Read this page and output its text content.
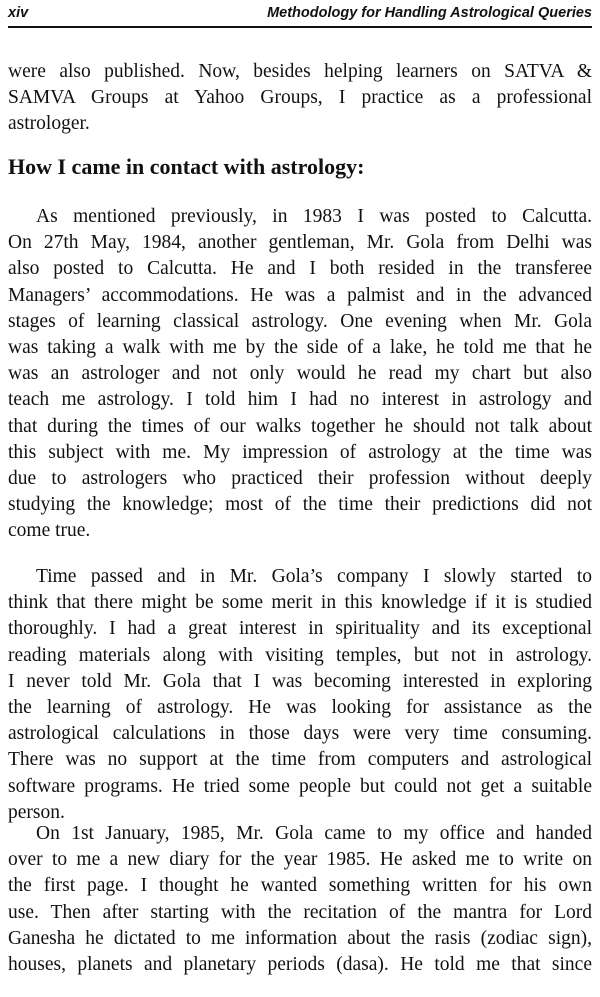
xiv	Methodology for Handling Astrological Queries
were also published. Now, besides helping learners on SATVA &
SAMVA Groups at Yahoo Groups, I practice as a professional
astrologer.
How I came in contact with astrology:
As mentioned previously, in 1983 I was posted to Calcutta.
On 27th May, 1984, another gentleman, Mr. Gola from Delhi was
also posted to Calcutta. He and I both resided in the transferee
Managers’ accommodations. He was a palmist and in the advanced
stages of learning classical astrology. One evening when Mr. Gola
was taking a walk with me by the side of a lake, he told me that he
was an astrologer and not only would he read my chart but also
teach me astrology. I told him I had no interest in astrology and
that during the times of our walks together he should not talk about
this subject with me. My impression of astrology at the time was
due to astrologers who practiced their profession without deeply
studying the knowledge; most of the time their predictions did not
come true.
Time passed and in Mr. Gola’s company I slowly started to
think that there might be some merit in this knowledge if it is studied
thoroughly. I had a great interest in spirituality and its exceptional
reading materials along with visiting temples, but not in astrology.
I never told Mr. Gola that I was becoming interested in exploring
the learning of astrology. He was looking for assistance as the
astrological calculations in those days were very time consuming.
There was no support at the time from computers and astrological
software programs. He tried some people but could not get a suitable
person.
On 1st January, 1985, Mr. Gola came to my office and handed
over to me a new diary for the year 1985. He asked me to write on
the first page. I thought he wanted something written for his own
use. Then after starting with the recitation of the mantra for Lord
Ganesha he dictated to me information about the rasis (zodiac sign),
houses, planets and planetary periods (dasa). He told me that since
